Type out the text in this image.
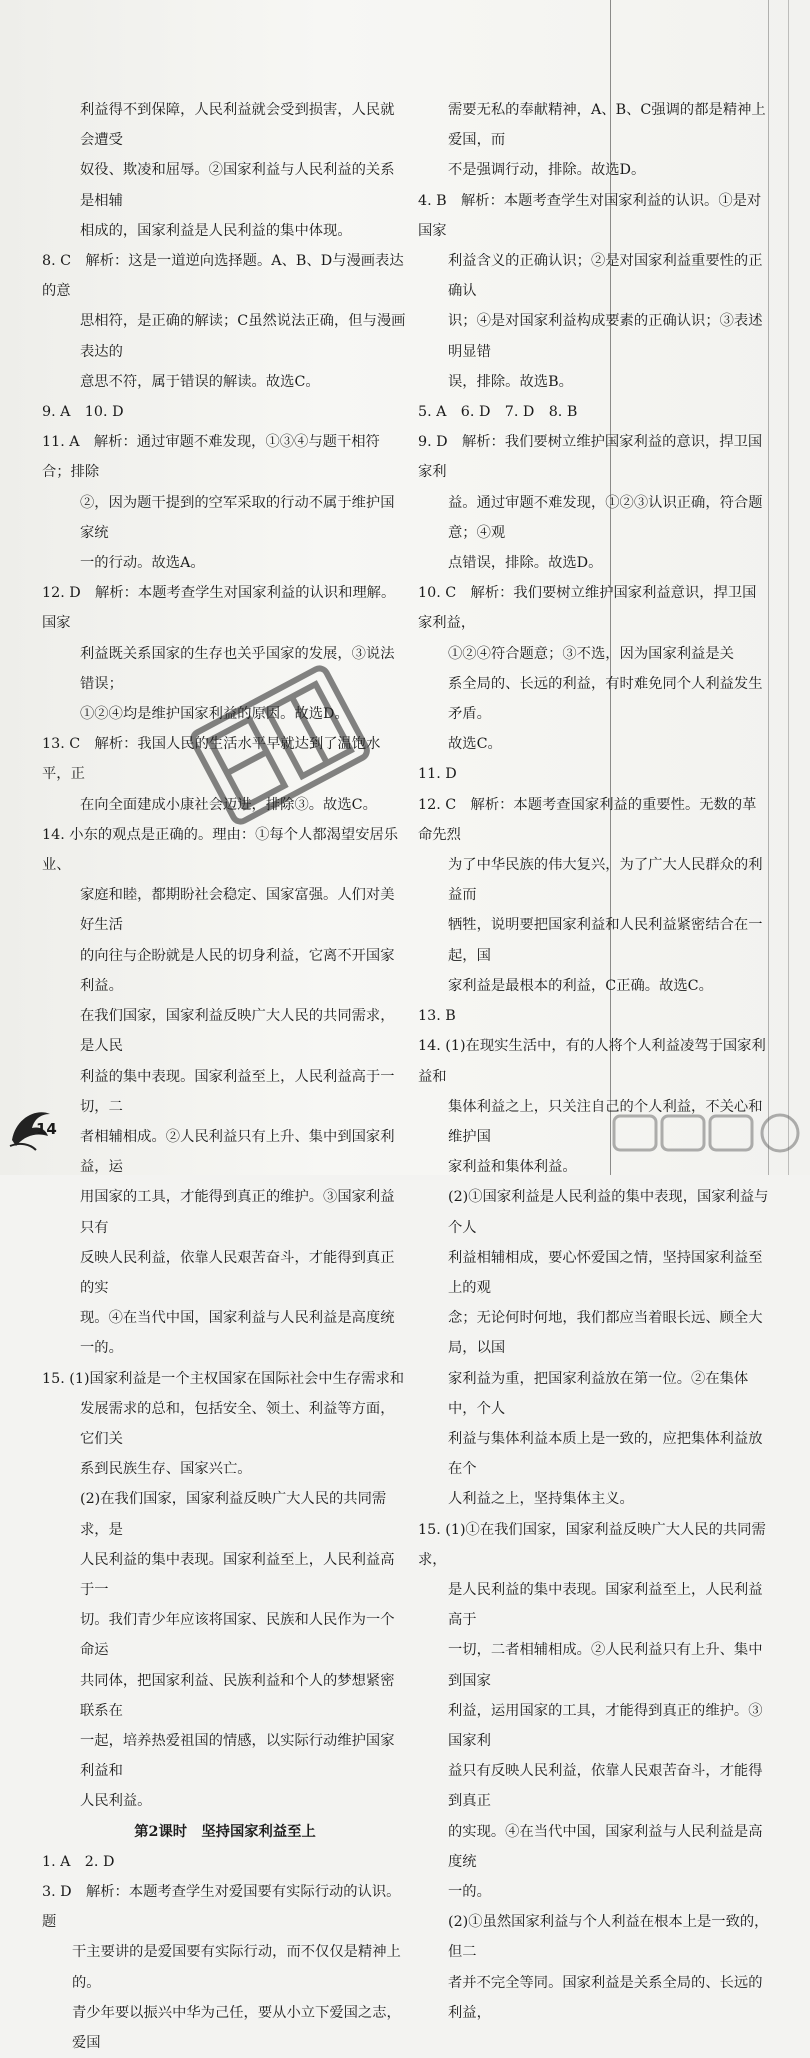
利益得不到保障，人民利益就会受到损害，人民就会遭受
奴役、欺凌和屈辱。②国家利益与人民利益的关系是相辅
相成的，国家利益是人民利益的集中体现。
8. C　解析：这是一道逆向选择题。A、B、D与漫画表达的意
思相符，是正确的解读；C虽然说法正确，但与漫画表达的
意思不符，属于错误的解读。故选C。
9. A　10. D
11. A　解析：通过审题不难发现，①③④与题干相符合；排除
②，因为题干提到的空军采取的行动不属于维护国家统
一的行动。故选A。
12. D　解析：本题考查学生对国家利益的认识和理解。国家
利益既关系国家的生存也关乎国家的发展，③说法错误；
①②④均是维护国家利益的原因。故选D。
13. C　解析：我国人民的生活水平早就达到了温饱水平，正
在向全面建成小康社会迈进，排除③。故选C。
14. 小东的观点是正确的。理由：①每个人都渴望安居乐业、
家庭和睦，都期盼社会稳定、国家富强。人们对美好生活
的向往与企盼就是人民的切身利益，它离不开国家利益。
在我们国家，国家利益反映广大人民的共同需求，是人民
利益的集中表现。国家利益至上，人民利益高于一切，二
者相辅相成。②人民利益只有上升、集中到国家利益，运
用国家的工具，才能得到真正的维护。③国家利益只有
反映人民利益，依靠人民艰苦奋斗，才能得到真正的实
现。④在当代中国，国家利益与人民利益是高度统一的。
15. (1)国家利益是一个主权国家在国际社会中生存需求和
发展需求的总和，包括安全、领土、利益等方面，它们关
系到民族生存、国家兴亡。
(2)在我们国家，国家利益反映广大人民的共同需求，是
人民利益的集中表现。国家利益至上，人民利益高于一
切。我们青少年应该将国家、民族和人民作为一个命运
共同体，把国家利益、民族利益和个人的梦想紧密联系在
一起，培养热爱祖国的情感，以实际行动维护国家利益和
人民利益。
第2课时　坚持国家利益至上
1. A　2. D
3. D　解析：本题考查学生对爱国要有实际行动的认识。题
干主要讲的是爱国要有实际行动，而不仅仅是精神上的。
青少年要以振兴中华为己任，要从小立下爱国之志，爱国
需要无私的奉献精神，A、B、C强调的都是精神上爱国，而
不是强调行动，排除。故选D。
4. B　解析：本题考查学生对国家利益的认识。①是对国家
利益含义的正确认识；②是对国家利益重要性的正确认
识；④是对国家利益构成要素的正确认识；③表述明显错
误，排除。故选B。
5. A　6. D　7. D　8. B
9. D　解析：我们要树立维护国家利益的意识，捍卫国家利
益。通过审题不难发现，①②③认识正确，符合题意；④观
点错误，排除。故选D。
10. C　解析：我们要树立维护国家利益意识，捍卫国家利益，
①②④符合题意；③不选，因为国家利益是关
系全局的、长远的利益，有时难免同个人利益发生矛盾。
故选C。
11. D
12. C　解析：本题考查国家利益的重要性。无数的革命先烈
为了中华民族的伟大复兴，为了广大人民群众的利益而
牺牲，说明要把国家利益和人民利益紧密结合在一起，国
家利益是最根本的利益，C正确。故选C。
13. B
14. (1)在现实生活中，有的人将个人利益凌驾于国家利益和
集体利益之上，只关注自己的个人利益，不关心和维护国
家利益和集体利益。
(2)①国家利益是人民利益的集中表现，国家利益与个人
利益相辅相成，要心怀爱国之情，坚持国家利益至上的观
念；无论何时何地，我们都应当着眼长远、顾全大局，以国
家利益为重，把国家利益放在第一位。②在集体中，个人
利益与集体利益本质上是一致的，应把集体利益放在个
人利益之上，坚持集体主义。
15. (1)①在我们国家，国家利益反映广大人民的共同需求，
是人民利益的集中表现。国家利益至上，人民利益高于
一切，二者相辅相成。②人民利益只有上升、集中到国家
利益，运用国家的工具，才能得到真正的维护。③国家利
益只有反映人民利益，依靠人民艰苦奋斗，才能得到真正
的实现。④在当代中国，国家利益与人民利益是高度统
一的。
(2)①虽然国家利益与个人利益在根本上是一致的，但二
者并不完全等同。国家利益是关系全局的、长远的利益，
14
